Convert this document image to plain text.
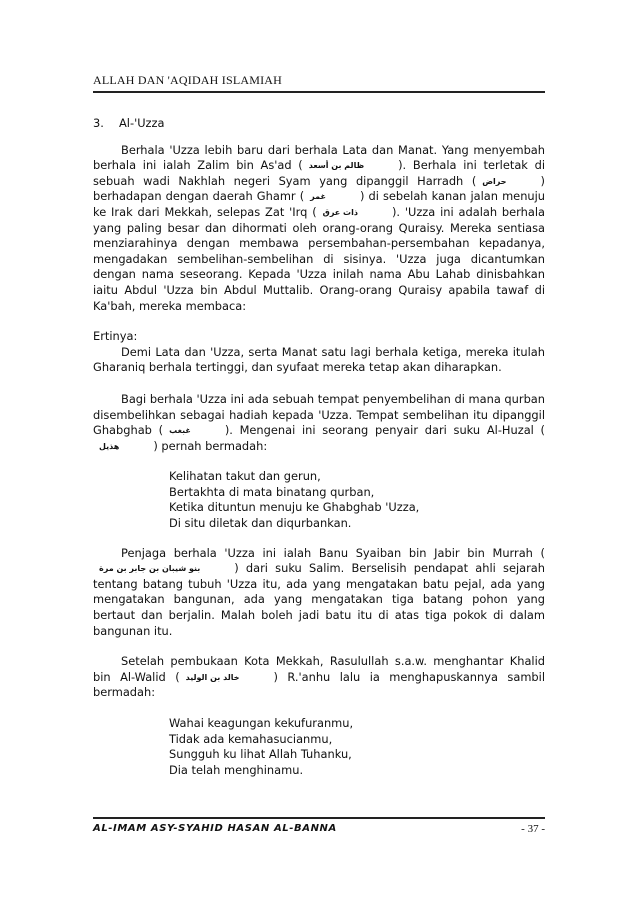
ALLAH DAN 'AQIDAH ISLAMIAH
3. Al-'Uzza

Berhala 'Uzza lebih baru dari berhala Lata dan Manat. Yang menyembah berhala ini ialah Zalim bin As'ad ( ظالم بن أسعد	). Berhala ini terletak di sebuah wadi Nakhlah negeri Syam yang dipanggil Harradh ( حراض	) berhadapan dengan daerah Ghamr ( غمر	) di sebelah kanan jalan menuju ke Irak dari Mekkah, selepas Zat 'Irq ( ذات عرق	). 'Uzza ini adalah berhala yang paling besar dan dihormati oleh orang-orang Quraisy. Mereka sentiasa menziarahinya dengan membawa persembahan-persembahan kepadanya, mengadakan sembelihan-sembelihan di sisinya. 'Uzza juga dicantumkan dengan nama seseorang. Kepada 'Uzza inilah nama Abu Lahab dinisbahkan iaitu Abdul 'Uzza bin Abdul Muttalib. Orang-orang Quraisy apabila tawaf di Ka'bah, mereka membaca:

Ertinya:

Demi Lata dan 'Uzza, serta Manat satu lagi berhala ketiga, mereka itulah Gharaniq berhala tertinggi, dan syufaat mereka tetap akan diharapkan.

Bagi berhala 'Uzza ini ada sebuah tempat penyembelihan di mana qurban disembelihkan sebagai hadiah kepada 'Uzza. Tempat sembelihan itu dipanggil Ghabghab ( غبغب	). Mengenai ini seorang penyair dari suku Al-Huzal (هذيل	) pernah bermadah:

Kelihatan takut dan gerun,
Bertakhta di mata binatang qurban,
Ketika dituntun menuju ke Ghabghab 'Uzza,
Di situ diletak dan diqurbankan.

Penjaga berhala 'Uzza ini ialah Banu Syaiban bin Jabir bin Murrah (بنو شيبان بن جابر بن مرة	) dari suku Salim. Berselisih pendapat ahli sejarah tentang batang tubuh 'Uzza itu, ada yang mengatakan batu pejal, ada yang mengatakan bangunan, ada yang mengatakan tiga batang pohon yang bertaut dan berjalin. Malah boleh jadi batu itu di atas tiga pokok di dalam bangunan itu.

Setelah pembukaan Kota Mekkah, Rasulullah s.a.w. menghantar Khalid bin Al-Walid ( خالد بن الوليد	) R.'anhu lalu ia menghapuskannya sambil bermadah:

Wahai keagungan kekufuranmu,
Tidak ada kemahasucianmu,
Sungguh ku lihat Allah Tuhanku,
Dia telah menghinamu.
AL-IMAM ASY-SYAHID HASAN AL-BANNA	- 37 -
